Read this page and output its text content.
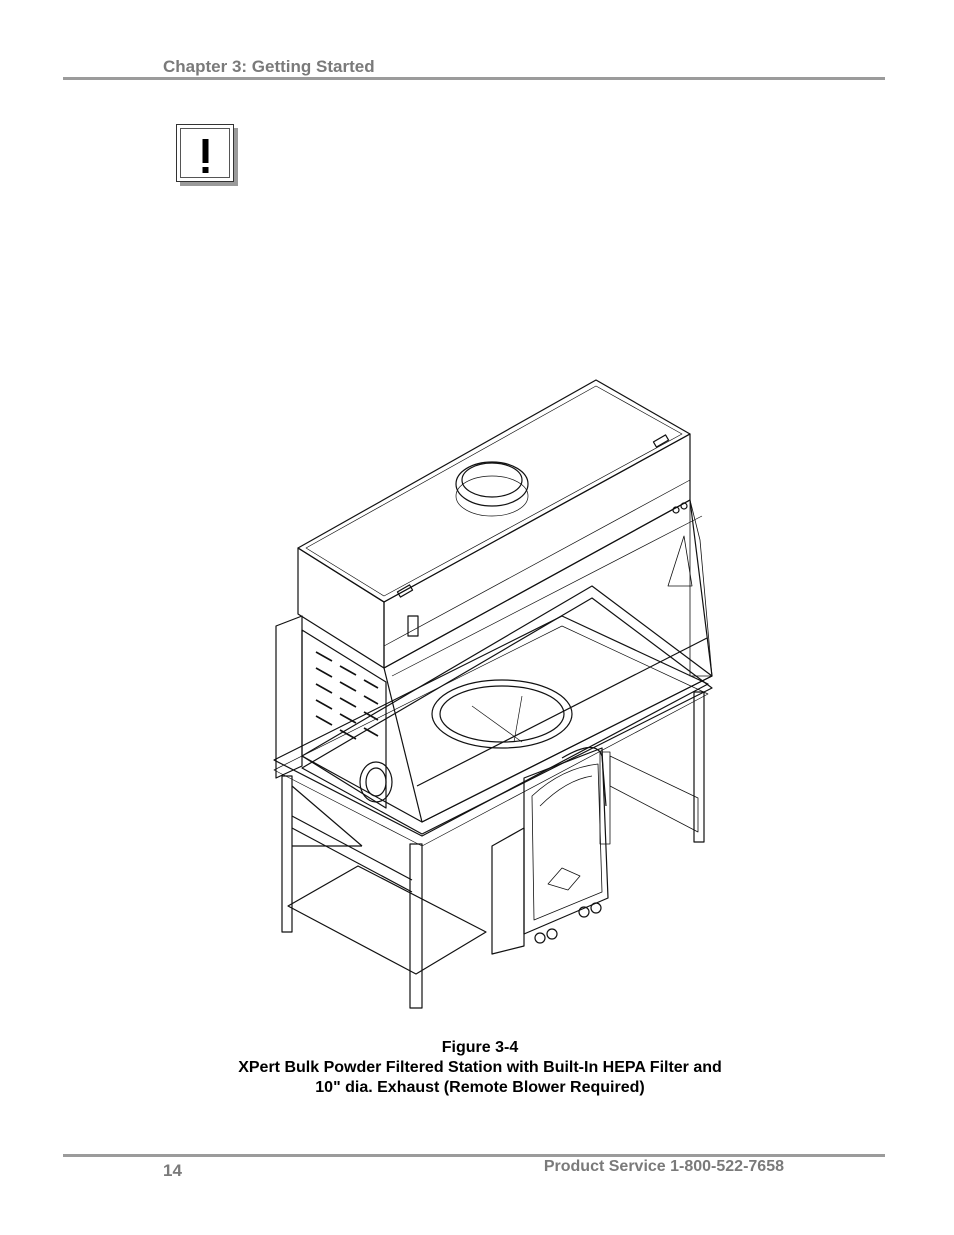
Chapter 3: Getting Started
Figure 3-4
XPert Bulk Powder Filtered Station with Built-In HEPA Filter and
10" dia. Exhaust (Remote Blower Required)
14	Product Service 1-800-522-7658
